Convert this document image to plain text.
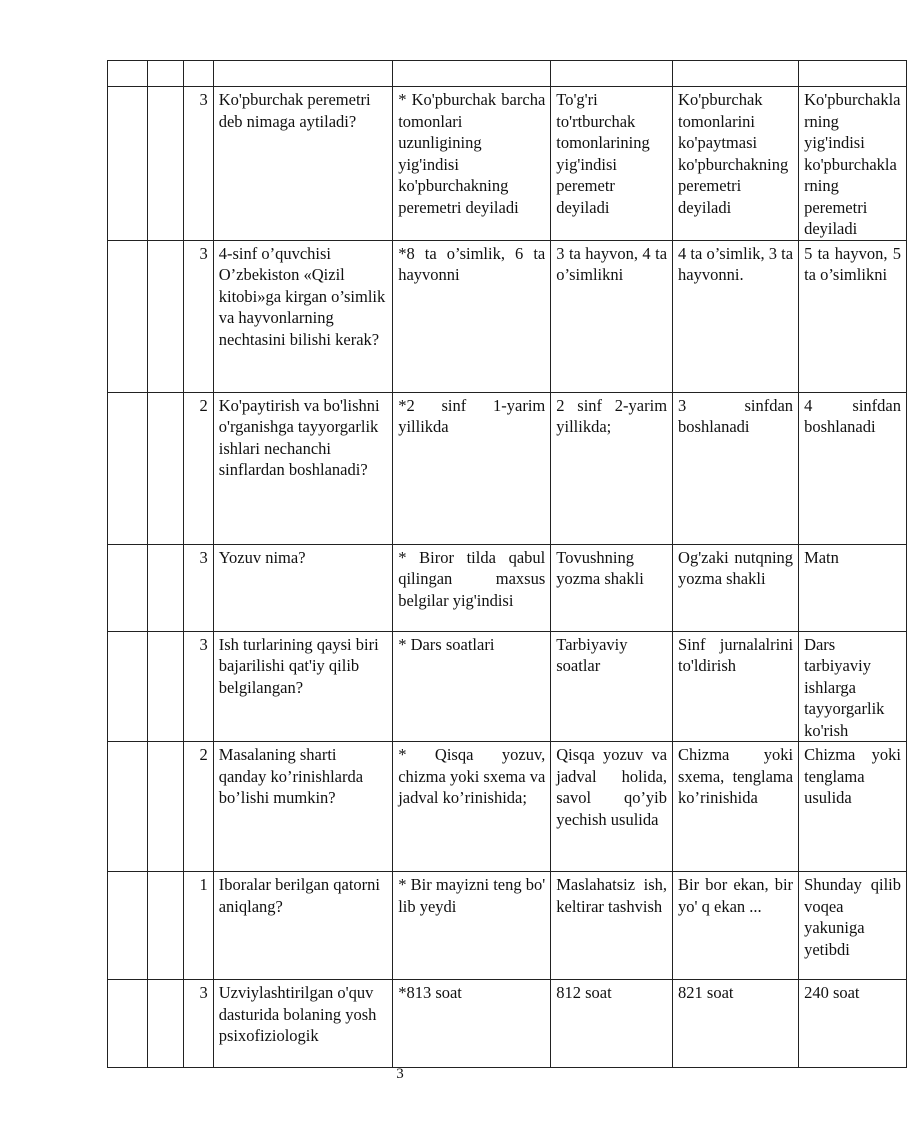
		3	Ko'pburchak peremetri deb nimaga aytiladi?	* Ko'pburchak barcha tomonlari uzunligining yig'indisi ko'pburchakning peremetri deyiladi	To'g'ri to'rtburchak tomonlarining yig'indisi peremetr deyiladi	Ko'pburchak tomonlarini ko'paytmasi ko'pburchakning peremetri deyiladi	Ko'pburchaklarning yig'indisi ko'pburchaklarning peremetri deyiladi
		3	4-sinf o’quvchisi O’zbekiston «Qizil kitobi»ga kirgan o’simlik va hayvonlarning nechtasini bilishi kerak?	*8 ta o’simlik, 6 ta hayvonni	3 ta hayvon, 4 ta o’simlikni	4 ta o’simlik, 3 ta hayvonni.	5 ta hayvon, 5 ta o’simlikni
		2	Ko'paytirish va bo'lishni o'rganishga tayyorgarlik ishlari nechanchi sinflardan boshlanadi?	*2 sinf 1-yarim yillikda	2 sinf 2-yarim yillikda;	3 sinfdan boshlanadi	4 sinfdan boshlanadi
		3	Yozuv nima?	* Biror tilda qabul qilingan maxsus belgilar yig'indisi	Tovushning yozma shakli	Og'zaki nutqning yozma shakli	Matn
		3	Ish turlarining qaysi biri bajarilishi qat'iy qilib belgilangan?	* Dars soatlari	Tarbiyaviy soatlar	Sinf jurnalalrini to'ldirish	Dars tarbiyaviy ishlarga tayyorgarlik ko'rish
		2	Masalaning sharti qanday ko’rinishlarda bo’lishi mumkin?	* Qisqa yozuv, chizma yoki sxema va jadval ko’rinishida;	Qisqa yozuv va jadval holida, savol qo’yib yechish usulida	Chizma yoki sxema, tenglama ko’rinishida	Chizma yoki tenglama usulida
		1	Iboralar berilgan qatorni aniqlang?	* Bir mayizni teng bo' lib yeydi	Maslahatsiz ish, keltirar tashvish	Bir bor ekan, bir yo' q ekan ...	Shunday qilib voqea yakuniga yetibdi
		3	Uzviylashtirilgan o'quv dasturida bolaning yosh psixofiziologik	*813 soat	812 soat	821 soat	240 soat
3
